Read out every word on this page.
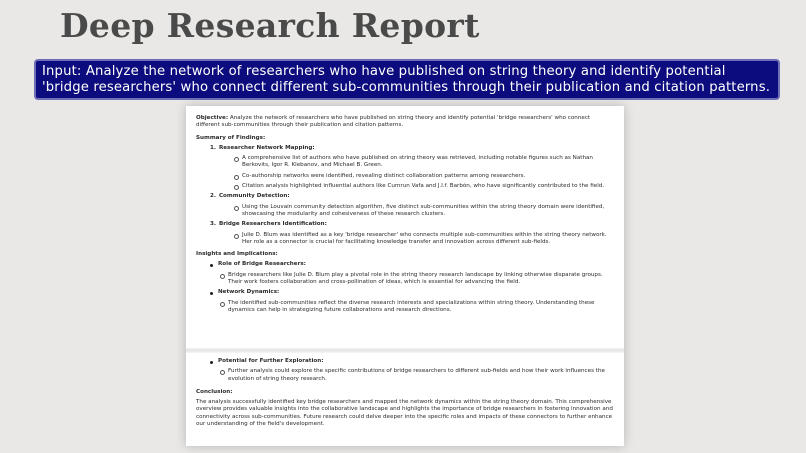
Deep Research Report
Input: Analyze the network of researchers who have published on string theory and identify potential 'bridge researchers' who connect different sub-communities through their publication and citation patterns.
Objective: Analyze the network of researchers who have published on string theory and identify potential 'bridge researchers' who connect different sub-communities through their publication and citation patterns.
Summary of Findings:
1. Researcher Network Mapping:
A comprehensive list of authors who have published on string theory was retrieved, including notable figures such as Nathan Berkovits, Igor R. Klebanov, and Michael B. Green.
Co-authorship networks were identified, revealing distinct collaboration patterns among researchers.
Citation analysis highlighted influential authors like Cumrun Vafa and J.l.f. Barbón, who have significantly contributed to the field.
2. Community Detection:
Using the Louvain community detection algorithm, five distinct sub-communities within the string theory domain were identified, showcasing the modularity and cohesiveness of these research clusters.
3. Bridge Researchers Identification:
Julie D. Blum was identified as a key 'bridge researcher' who connects multiple sub-communities within the string theory network. Her role as a connector is crucial for facilitating knowledge transfer and innovation across different sub-fields.
Insights and Implications:
Role of Bridge Researchers:
Bridge researchers like Julie D. Blum play a pivotal role in the string theory research landscape by linking otherwise disparate groups. Their work fosters collaboration and cross-pollination of ideas, which is essential for advancing the field.
Network Dynamics:
The identified sub-communities reflect the diverse research interests and specializations within string theory. Understanding these dynamics can help in strategizing future collaborations and research directions.
Potential for Further Exploration:
Further analysis could explore the specific contributions of bridge researchers to different sub-fields and how their work influences the evolution of string theory research.
Conclusion:
The analysis successfully identified key bridge researchers and mapped the network dynamics within the string theory domain. This comprehensive overview provides valuable insights into the collaborative landscape and highlights the importance of bridge researchers in fostering innovation and connectivity across sub-communities. Future research could delve deeper into the specific roles and impacts of these connectors to further enhance our understanding of the field's development.
